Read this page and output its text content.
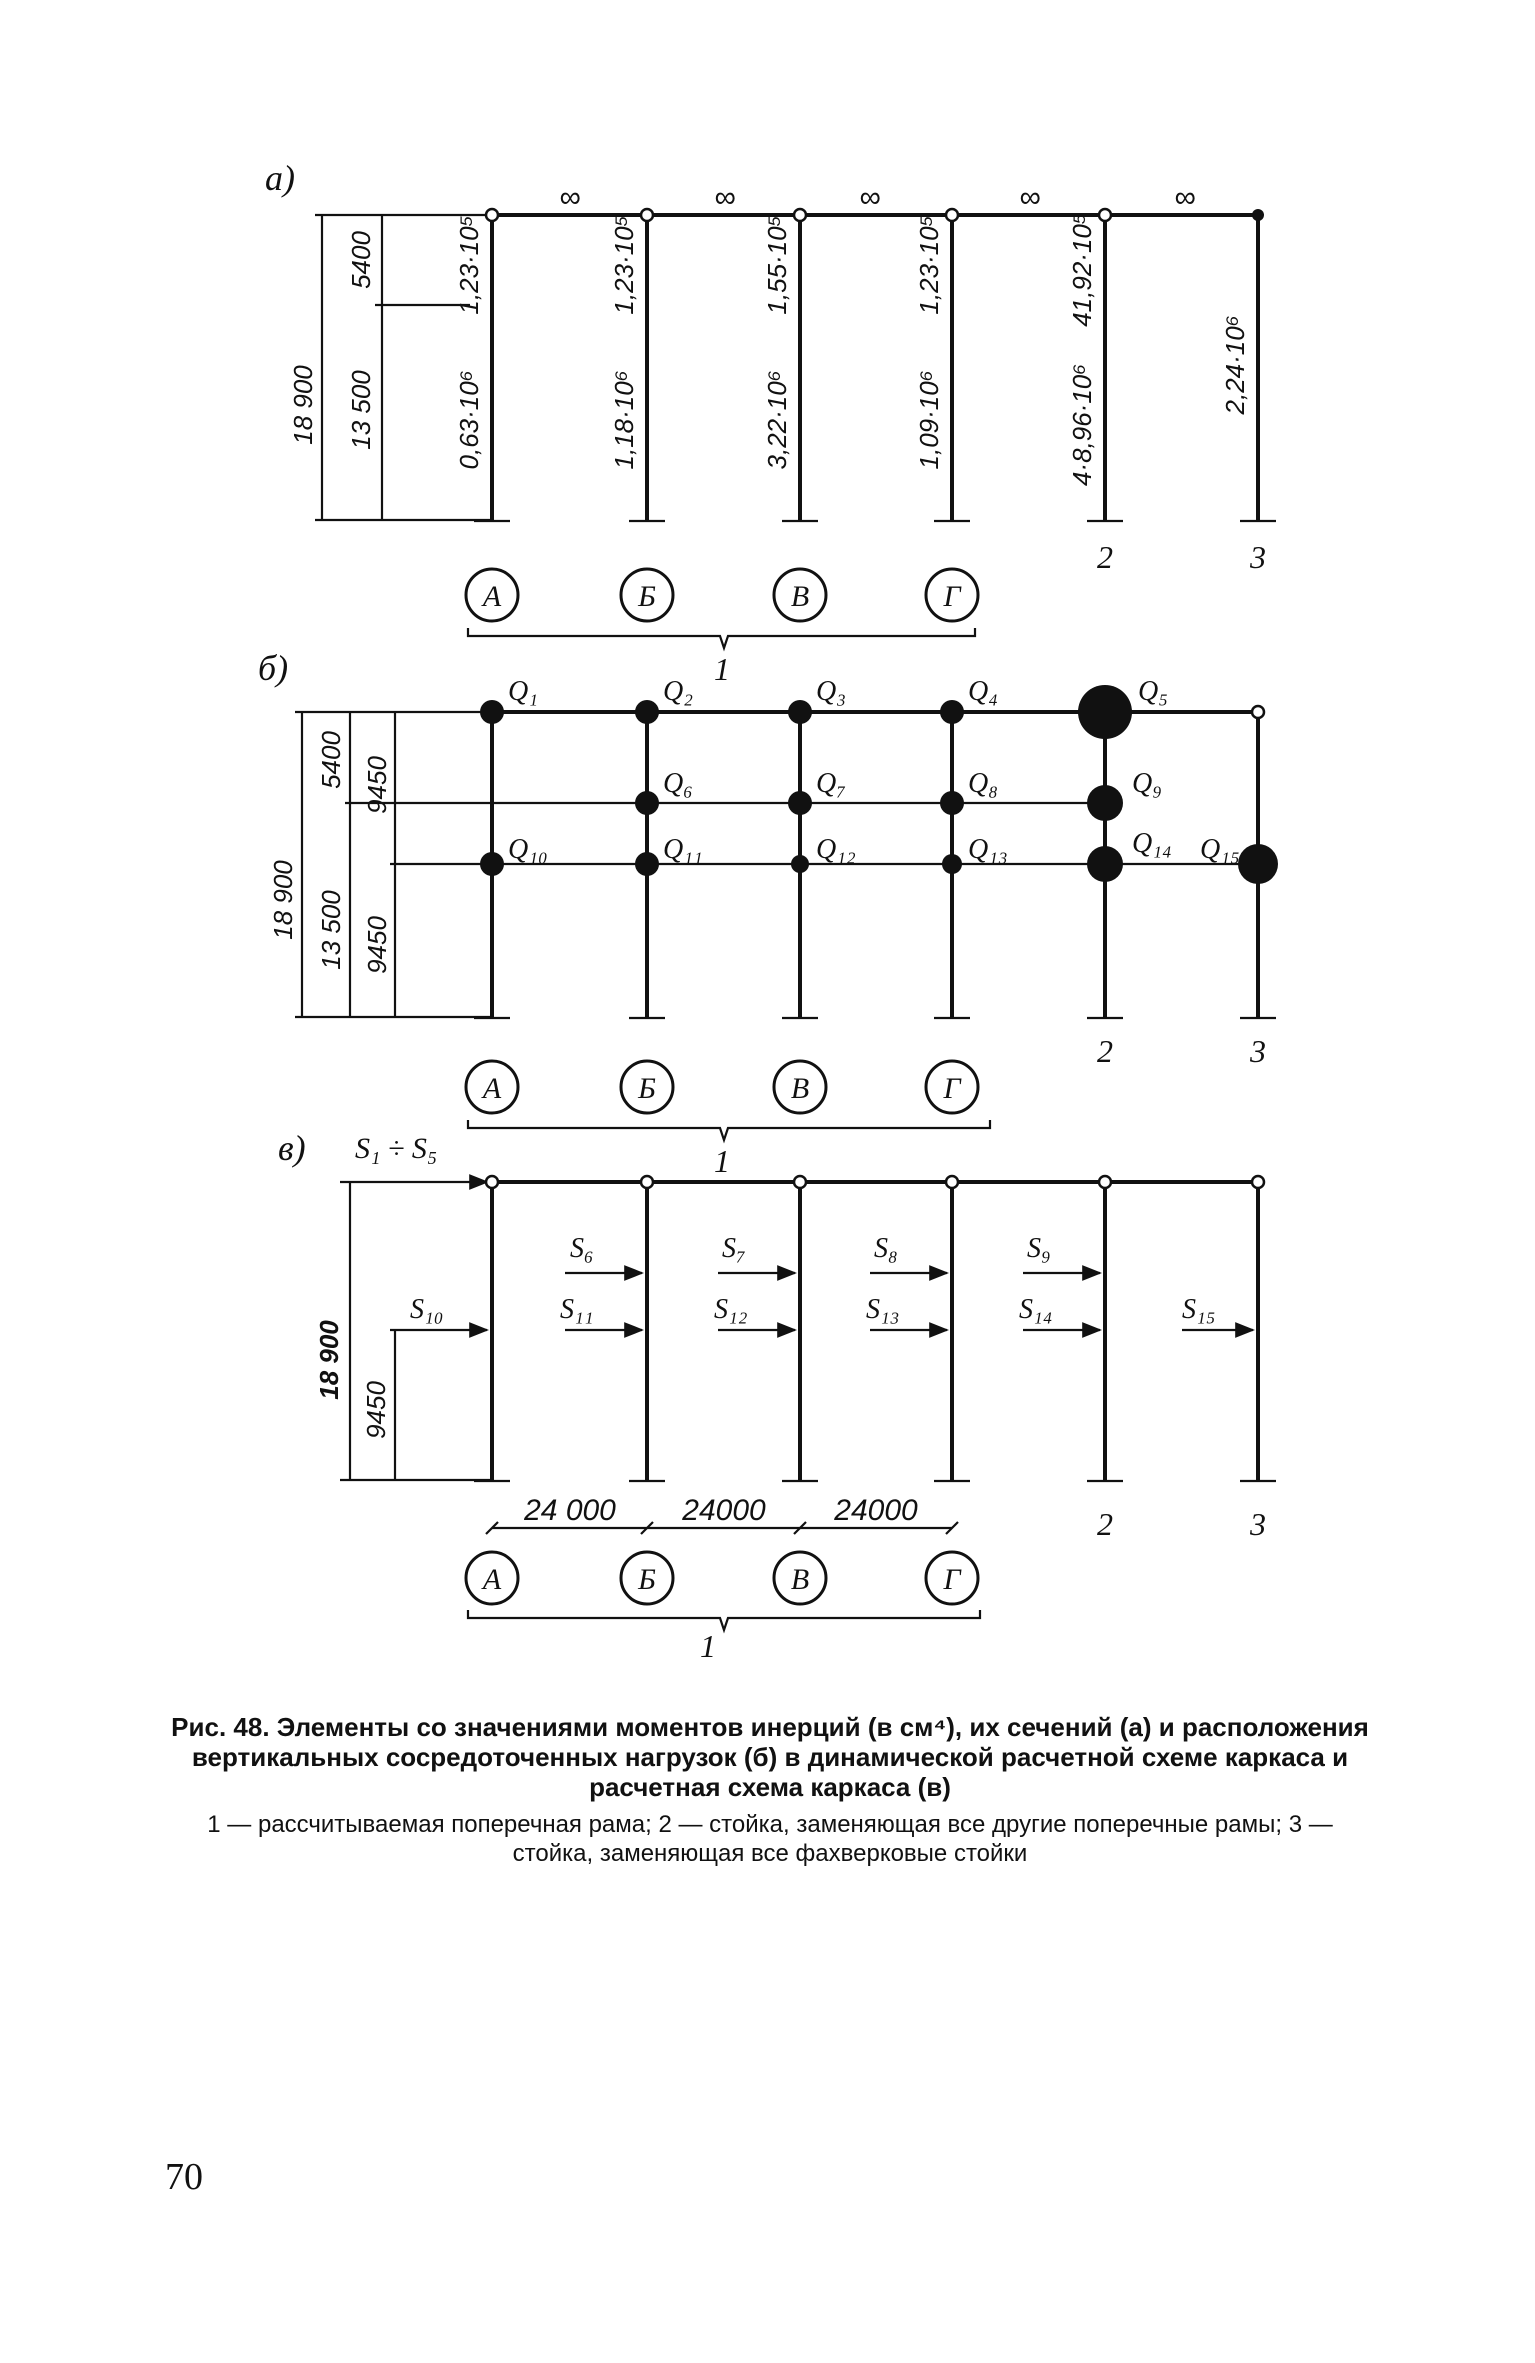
а)
18 900
5400
13 500
∞	∞	∞	∞	∞
1,23·10⁵
0,63·10⁶
1,23·10⁵
1,18·10⁶
1,55·10⁵
3,22·10⁶
1,23·10⁵
1,09·10⁶
41,92·10⁵
4·8,96·10⁶	2,24·10⁶
А	Б	В	Г
2	3
1
б)
18 900
5400
13 500
9450
9450
Q₁	Q₂	Q₃	Q₄	Q₅
Q₆	Q₇	Q₈	Q₉
Q₁₀	Q₁₁	Q₁₂	Q₁₃	Q₁₄ Q₁₅
А	Б	В	Г
2	3
1
в) S₁ ÷ S₅
18 900
9450
S₆	S₇	S₈	S₉
S₁₀	S₁₁	S₁₂	S₁₃	S₁₄	S₁₅
24 000 24000 24000
А	Б	В	Г
2	3
1
Рис. 48. Элементы со значениями моментов инерций (в см⁴), их сечений (а) и расположения вертикальных сосредоточенных нагрузок (б) в динамической расчетной схеме каркаса и расчетная схема каркаса (в)
1 — рассчитываемая поперечная рама; 2 — стойка, заменяющая все другие поперечные рамы; 3 — стойка, заменяющая все фахверковые стойки
70
